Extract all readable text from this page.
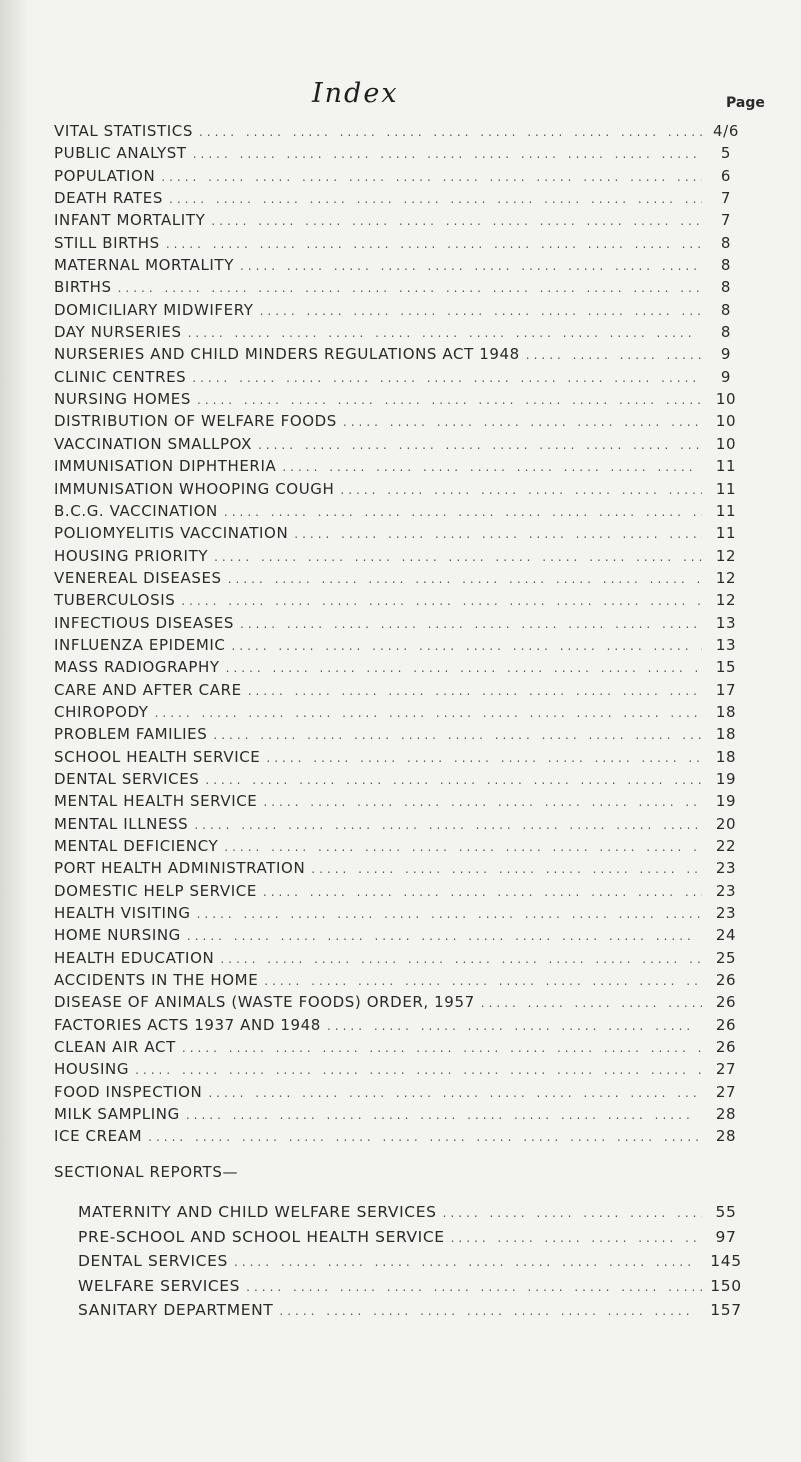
Index	Page
VITAL STATISTICS .....	4/6
PUBLIC ANALYST .....	5
POPULATION .....	6
DEATH RATES .....	7
INFANT MORTALITY .....	7
STILL BIRTHS .....	8
MATERNAL MORTALITY .....	8
BIRTHS .....	8
DOMICILIARY MIDWIFERY .....	8
DAY NURSERIES .....	8
NURSERIES AND CHILD MINDERS REGULATIONS ACT 1948 .....	9
CLINIC CENTRES .....	9
NURSING HOMES .....	10
DISTRIBUTION OF WELFARE FOODS .....	10
VACCINATION SMALLPOX .....	10
IMMUNISATION DIPHTHERIA .....	11
IMMUNISATION WHOOPING COUGH .....	11
B.C.G. VACCINATION .....	11
POLIOMYELITIS VACCINATION .....	11
HOUSING PRIORITY .....	12
VENEREAL DISEASES .....	12
TUBERCULOSIS .....	12
INFECTIOUS DISEASES .....	13
INFLUENZA EPIDEMIC .....	13
MASS RADIOGRAPHY .....	15
CARE AND AFTER CARE .....	17
CHIROPODY .....	18
PROBLEM FAMILIES .....	18
SCHOOL HEALTH SERVICE .....	18
DENTAL SERVICES .....	19
MENTAL HEALTH SERVICE .....	19
MENTAL ILLNESS .....	20
MENTAL DEFICIENCY .....	22
PORT HEALTH ADMINISTRATION .....	23
DOMESTIC HELP SERVICE .....	23
HEALTH VISITING .....	23
HOME NURSING .....	24
HEALTH EDUCATION .....	25
ACCIDENTS IN THE HOME .....	26
DISEASE OF ANIMALS (WASTE FOODS) ORDER, 1957 .....	26
FACTORIES ACTS 1937 AND 1948 .....	26
CLEAN AIR ACT .....	26
HOUSING .....	27
FOOD INSPECTION .....	27
MILK SAMPLING .....	28
ICE CREAM .....	28
SECTIONAL REPORTS—
MATERNITY AND CHILD WELFARE SERVICES .....	55
PRE-SCHOOL AND SCHOOL HEALTH SERVICE .....	97
DENTAL SERVICES .....	145
WELFARE SERVICES .....	150
SANITARY DEPARTMENT .....	157
